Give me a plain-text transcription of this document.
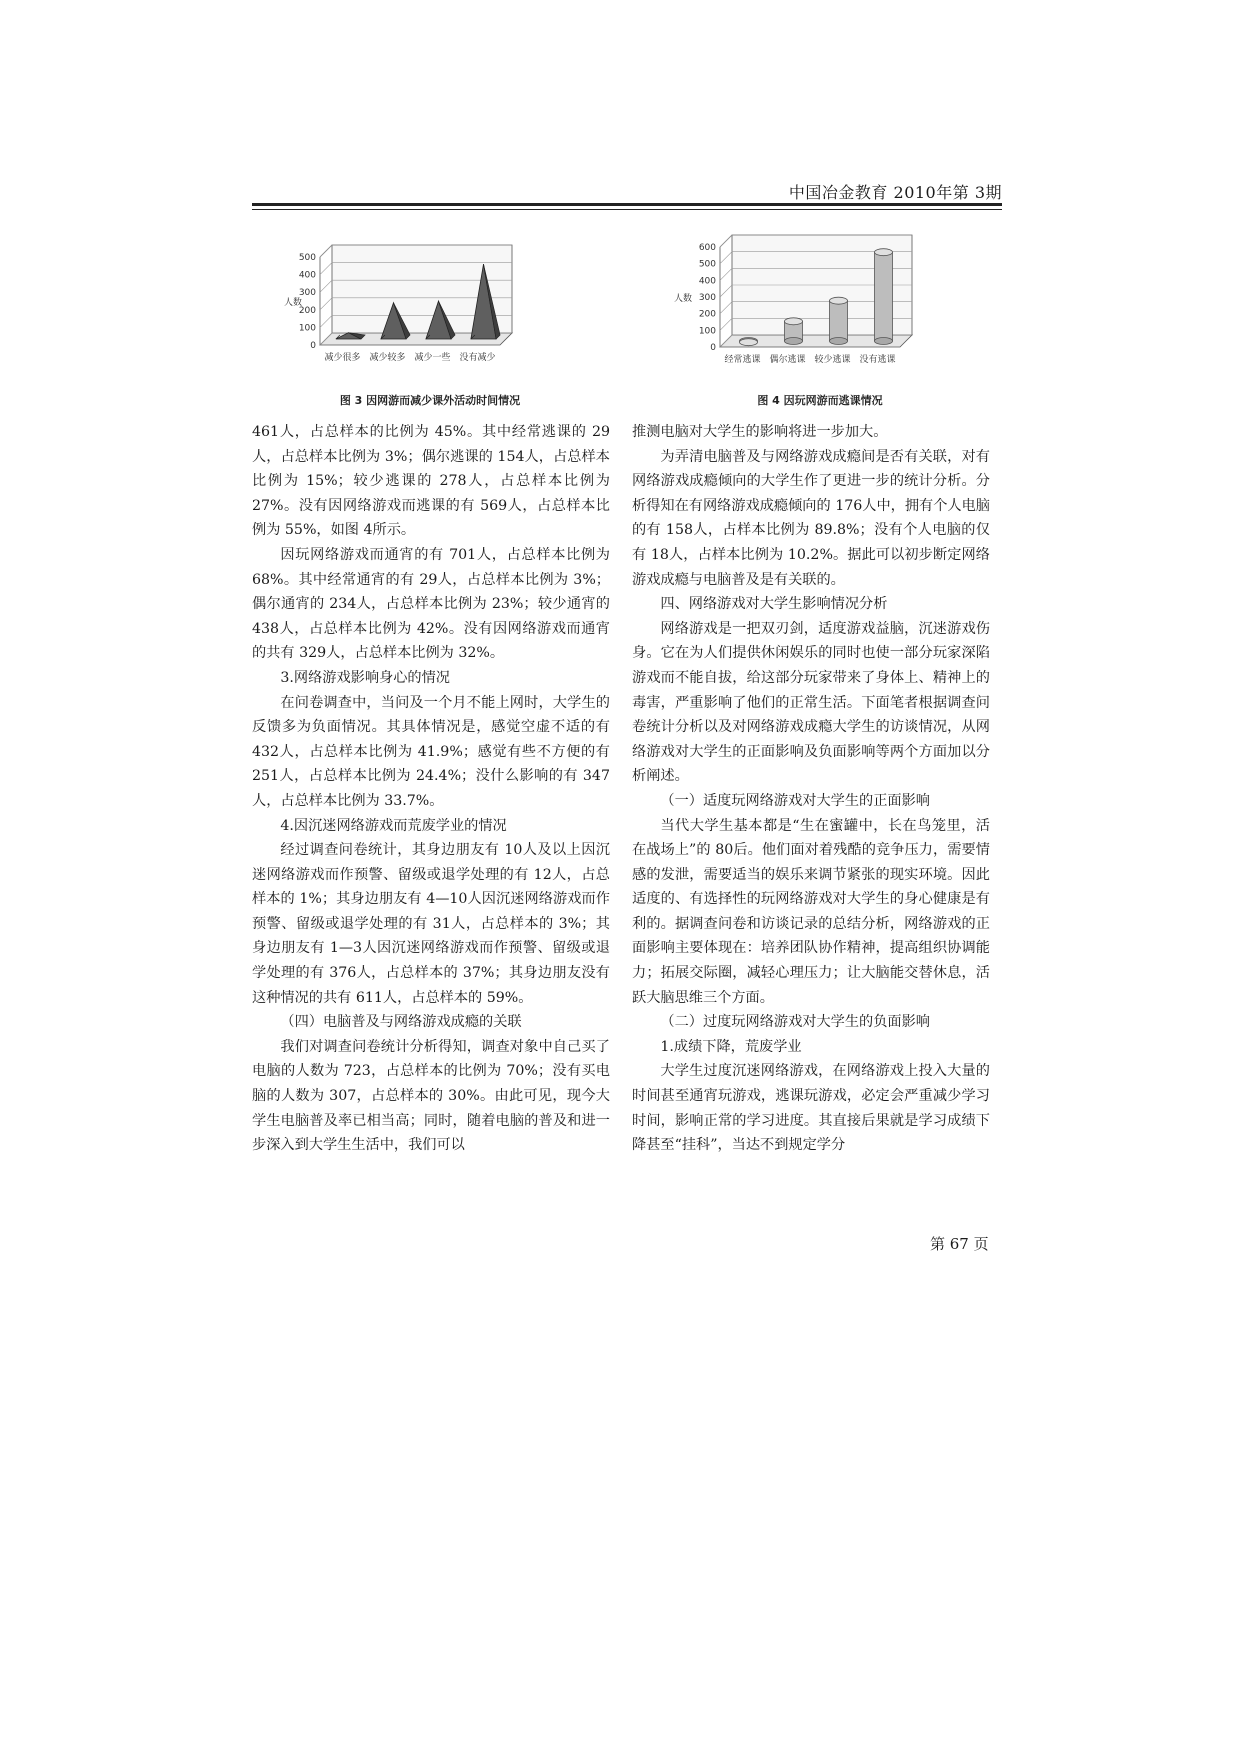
中国冶金教育 2010年第 3期
0
100
200
300
400
500
人数
减少很多 减少较多 减少一些 没有减少
图 3 因网游而减少课外活动时间情况
0
100
200
300
400
500
600
人数
经常逃课 偶尔逃课 较少逃课 没有逃课
图 4 因玩网游而逃课情况

461人，占总样本的比例为 45%。其中经常逃课的 29人，占总样本比例为 3%；偶尔逃课的 154人，占总样本比例为 15%；较少逃课的 278人，占总样本比例为 27%。没有因网络游戏而逃课的有 569人，占总样本比例为 55%，如图 4所示。

因玩网络游戏而通宵的有 701人，占总样本比例为 68%。其中经常通宵的有 29人，占总样本比例为 3%；偶尔通宵的 234人，占总样本比例为 23%；较少通宵的 438人，占总样本比例为 42%。没有因网络游戏而通宵的共有 329人，占总样本比例为 32%。

3.网络游戏影响身心的情况

在问卷调查中，当问及一个月不能上网时，大学生的反馈多为负面情况。其具体情况是，感觉空虚不适的有 432人，占总样本比例为 41.9%；感觉有些不方便的有 251人，占总样本比例为 24.4%；没什么影响的有 347人，占总样本比例为 33.7%。

4.因沉迷网络游戏而荒废学业的情况

经过调查问卷统计，其身边朋友有 10人及以上因沉迷网络游戏而作预警、留级或退学处理的有 12人，占总样本的 1%；其身边朋友有 4—10人因沉迷网络游戏而作预警、留级或退学处理的有 31人，占总样本的 3%；其身边朋友有 1—3人因沉迷网络游戏而作预警、留级或退学处理的有 376人，占总样本的 37%；其身边朋友没有这种情况的共有 611人，占总样本的 59%。

（四）电脑普及与网络游戏成瘾的关联

我们对调查问卷统计分析得知，调查对象中自己买了电脑的人数为 723，占总样本的比例为 70%；没有买电脑的人数为 307，占总样本的 30%。由此可见，现今大学生电脑普及率已相当高；同时，随着电脑的普及和进一步深入到大学生生活中，我们可以

推测电脑对大学生的影响将进一步加大。

为弄清电脑普及与网络游戏成瘾间是否有关联，对有网络游戏成瘾倾向的大学生作了更进一步的统计分析。分析得知在有网络游戏成瘾倾向的 176人中，拥有个人电脑的有 158人，占样本比例为 89.8%；没有个人电脑的仅有 18人，占样本比例为 10.2%。据此可以初步断定网络游戏成瘾与电脑普及是有关联的。

四、网络游戏对大学生影响情况分析

网络游戏是一把双刃剑，适度游戏益脑，沉迷游戏伤身。它在为人们提供休闲娱乐的同时也使一部分玩家深陷游戏而不能自拔，给这部分玩家带来了身体上、精神上的毒害，严重影响了他们的正常生活。下面笔者根据调查问卷统计分析以及对网络游戏成瘾大学生的访谈情况，从网络游戏对大学生的正面影响及负面影响等两个方面加以分析阐述。

（一）适度玩网络游戏对大学生的正面影响

当代大学生基本都是“生在蜜罐中，长在鸟笼里，活在战场上”的 80后。他们面对着残酷的竞争压力，需要情感的发泄，需要适当的娱乐来调节紧张的现实环境。因此适度的、有选择性的玩网络游戏对大学生的身心健康是有利的。据调查问卷和访谈记录的总结分析，网络游戏的正面影响主要体现在：培养团队协作精神，提高组织协调能力；拓展交际圈，减轻心理压力；让大脑能交替休息，活跃大脑思维三个方面。

（二）过度玩网络游戏对大学生的负面影响

1.成绩下降，荒废学业

大学生过度沉迷网络游戏，在网络游戏上投入大量的时间甚至通宵玩游戏，逃课玩游戏，必定会严重减少学习时间，影响正常的学习进度。其直接后果就是学习成绩下降甚至“挂科”，当达不到规定学分

第 67 页
